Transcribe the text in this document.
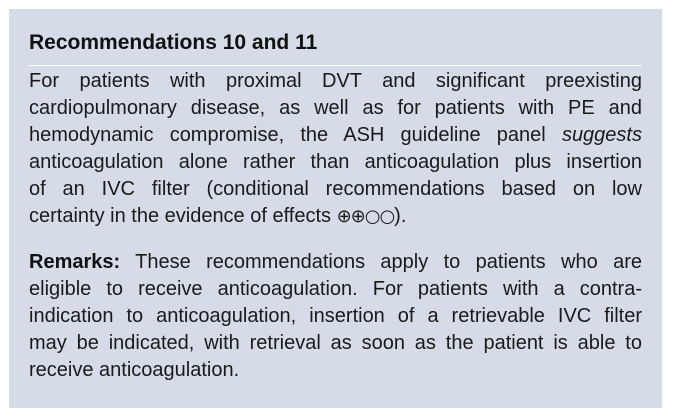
Recommendations 10 and 11
For patients with proximal DVT and significant preexisting
cardiopulmonary disease, as well as for patients with PE and
hemodynamic compromise, the ASH guideline panel suggests
anticoagulation alone rather than anticoagulation plus insertion
of an IVC filter (conditional recommendations based on low
certainty in the evidence of effects ⊕⊕○○).
Remarks: These recommendations apply to patients who are
eligible to receive anticoagulation. For patients with a contra-
indication to anticoagulation, insertion of a retrievable IVC filter
may be indicated, with retrieval as soon as the patient is able to
receive anticoagulation.
